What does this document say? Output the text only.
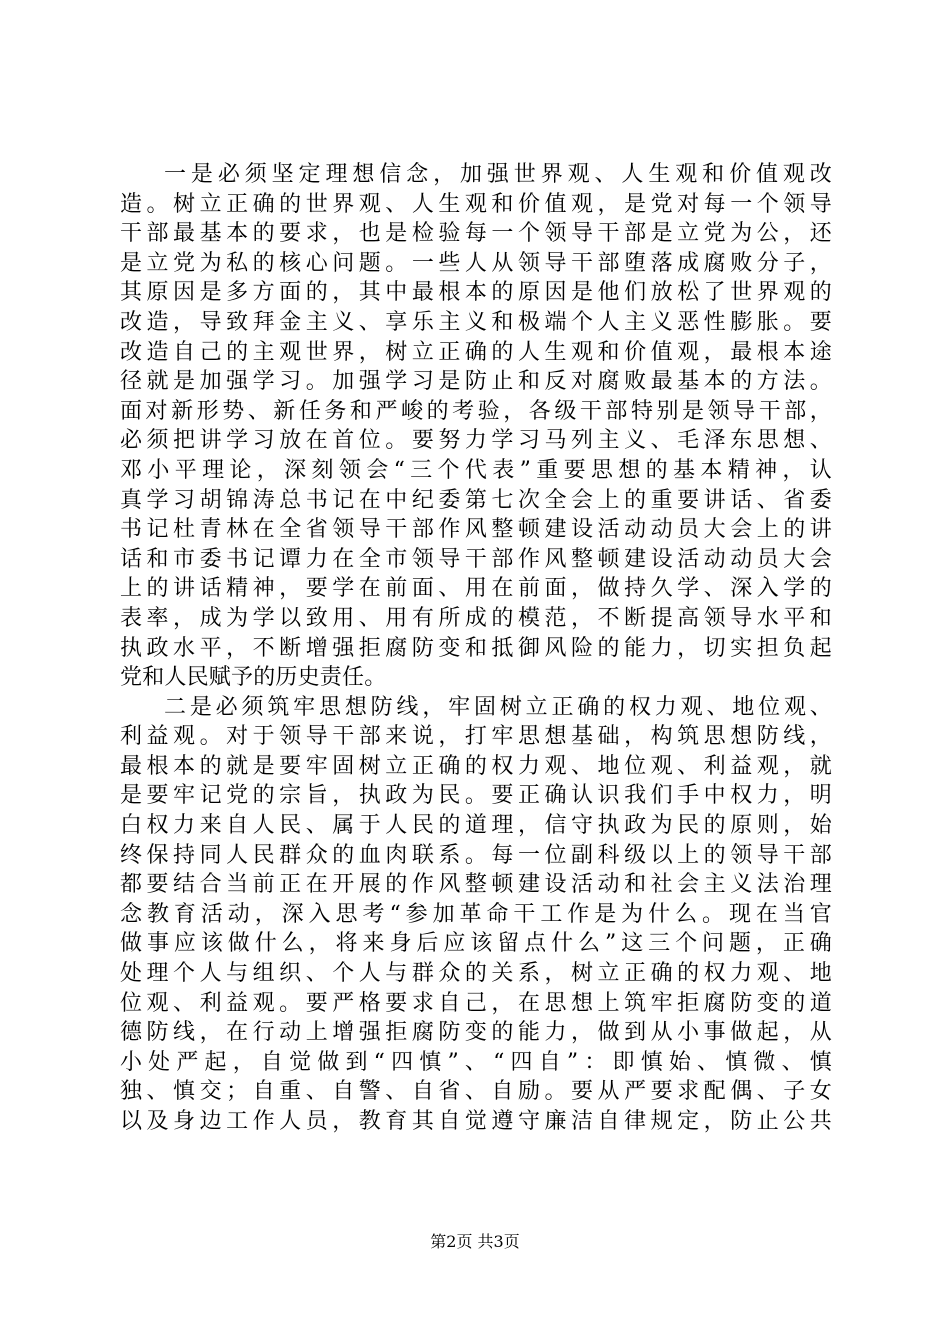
一是必须坚定理想信念，加强世界观、人生观和价值观改
造。树立正确的世界观、人生观和价值观，是党对每一个领导
干部最基本的要求，也是检验每一个领导干部是立党为公，还
是立党为私的核心问题。一些人从领导干部堕落成腐败分子，
其原因是多方面的，其中最根本的原因是他们放松了世界观的
改造，导致拜金主义、享乐主义和极端个人主义恶性膨胀。要
改造自己的主观世界，树立正确的人生观和价值观，最根本途
径就是加强学习。加强学习是防止和反对腐败最基本的方法。
面对新形势、新任务和严峻的考验，各级干部特别是领导干部，
必须把讲学习放在首位。要努力学习马列主义、毛泽东思想、
邓小平理论，深刻领会“三个代表”重要思想的基本精神，认
真学习胡锦涛总书记在中纪委第七次全会上的重要讲话、省委
书记杜青林在全省领导干部作风整顿建设活动动员大会上的讲
话和市委书记谭力在全市领导干部作风整顿建设活动动员大会
上的讲话精神，要学在前面、用在前面，做持久学、深入学的
表率，成为学以致用、用有所成的模范，不断提高领导水平和
执政水平，不断增强拒腐防变和抵御风险的能力，切实担负起
党和人民赋予的历史责任。
二是必须筑牢思想防线，牢固树立正确的权力观、地位观、
利益观。对于领导干部来说，打牢思想基础，构筑思想防线，
最根本的就是要牢固树立正确的权力观、地位观、利益观，就
是要牢记党的宗旨，执政为民。要正确认识我们手中权力，明
白权力来自人民、属于人民的道理，信守执政为民的原则，始
终保持同人民群众的血肉联系。每一位副科级以上的领导干部
都要结合当前正在开展的作风整顿建设活动和社会主义法治理
念教育活动，深入思考“参加革命干工作是为什么。现在当官
做事应该做什么，将来身后应该留点什么”这三个问题，正确
处理个人与组织、个人与群众的关系，树立正确的权力观、地
位观、利益观。要严格要求自己，在思想上筑牢拒腐防变的道
德防线，在行动上增强拒腐防变的能力，做到从小事做起，从
小处严起，自觉做到“四慎”、“四自”：即慎始、慎微、慎
独、慎交；自重、自警、自省、自励。要从严要求配偶、子女
以及身边工作人员，教育其自觉遵守廉洁自律规定，防止公共
第2页 共3页
